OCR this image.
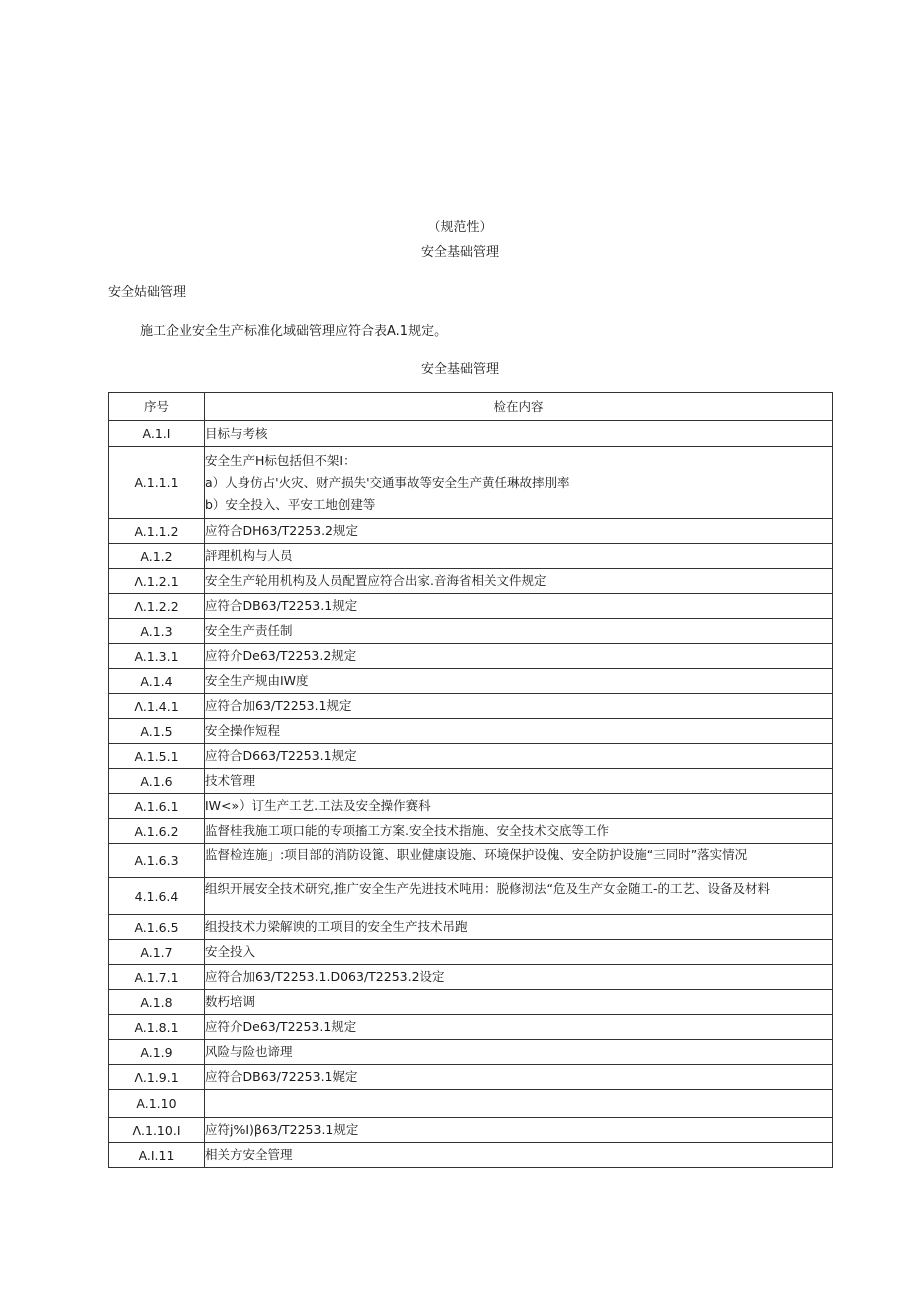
（规范性）
安全基础管理
安全姑础管理
施工企业安全生产标准化域础管理应符合表A.1规定。
安全基础管理
序号	检在内容
A.1.I	目标与考核

A.1.1.1	安全生产H标包括但不架I：
a）人身仿占'火灾、财产损失'交通事故等安全生产黄任琳故摔刖率
b）安全投入、平安工地创建等

A.1.1.2	应符合DH63/T2253.2规定

A.1.2	評理机构与人员

Λ.1.2.1	安全生产轮用机构及人员配置应符合出家.音海省相关文件规定

Λ.1.2.2	应符合DB63/T2253.1规定

A.1.3	安全生产责任制

A.1.3.1	应符介De63/T2253.2规定

A.1.4	安全生产规由IW度

Λ.1.4.1	应符合加63/T2253.1规定

A.1.5	安全操作短程

A.1.5.1	应符合D663/T2253.1规定

A.1.6	技术管理

A.1.6.1	IW<»）订生产工艺.工法及安全操作赛科

A.1.6.2	监督桂我施工项口能的专项搐工方案.安全技术指施、安全技术交底等工作

A.1.6.3	监督检连施」:项目部的消防设篦、职业健康设施、环境保护设傀、安全防护设施“三同时”落实情况

4.1.6.4	组织开展安全技术研究,推广安全生产先进技术吨用：脱修沏法“危及生产女金随工-的工艺、设备及材料

A.1.6.5	组投技术力梁解谀的工项目的安全生产技术吊跑

A.1.7	安全投入

A.1.7.1	应符合加63/T2253.1.D063/T2253.2设定

A.1.8	数朽培调

A.1.8.1	应符介De63/T2253.1规定

A.1.9	风险与险也谛理

Λ.1.9.1	应符合DB63/72253.1娓定

A.1.10	

Λ.1.10.I	应符j%I)β63/T2253.1规定

A.I.11	相关方安全管理
